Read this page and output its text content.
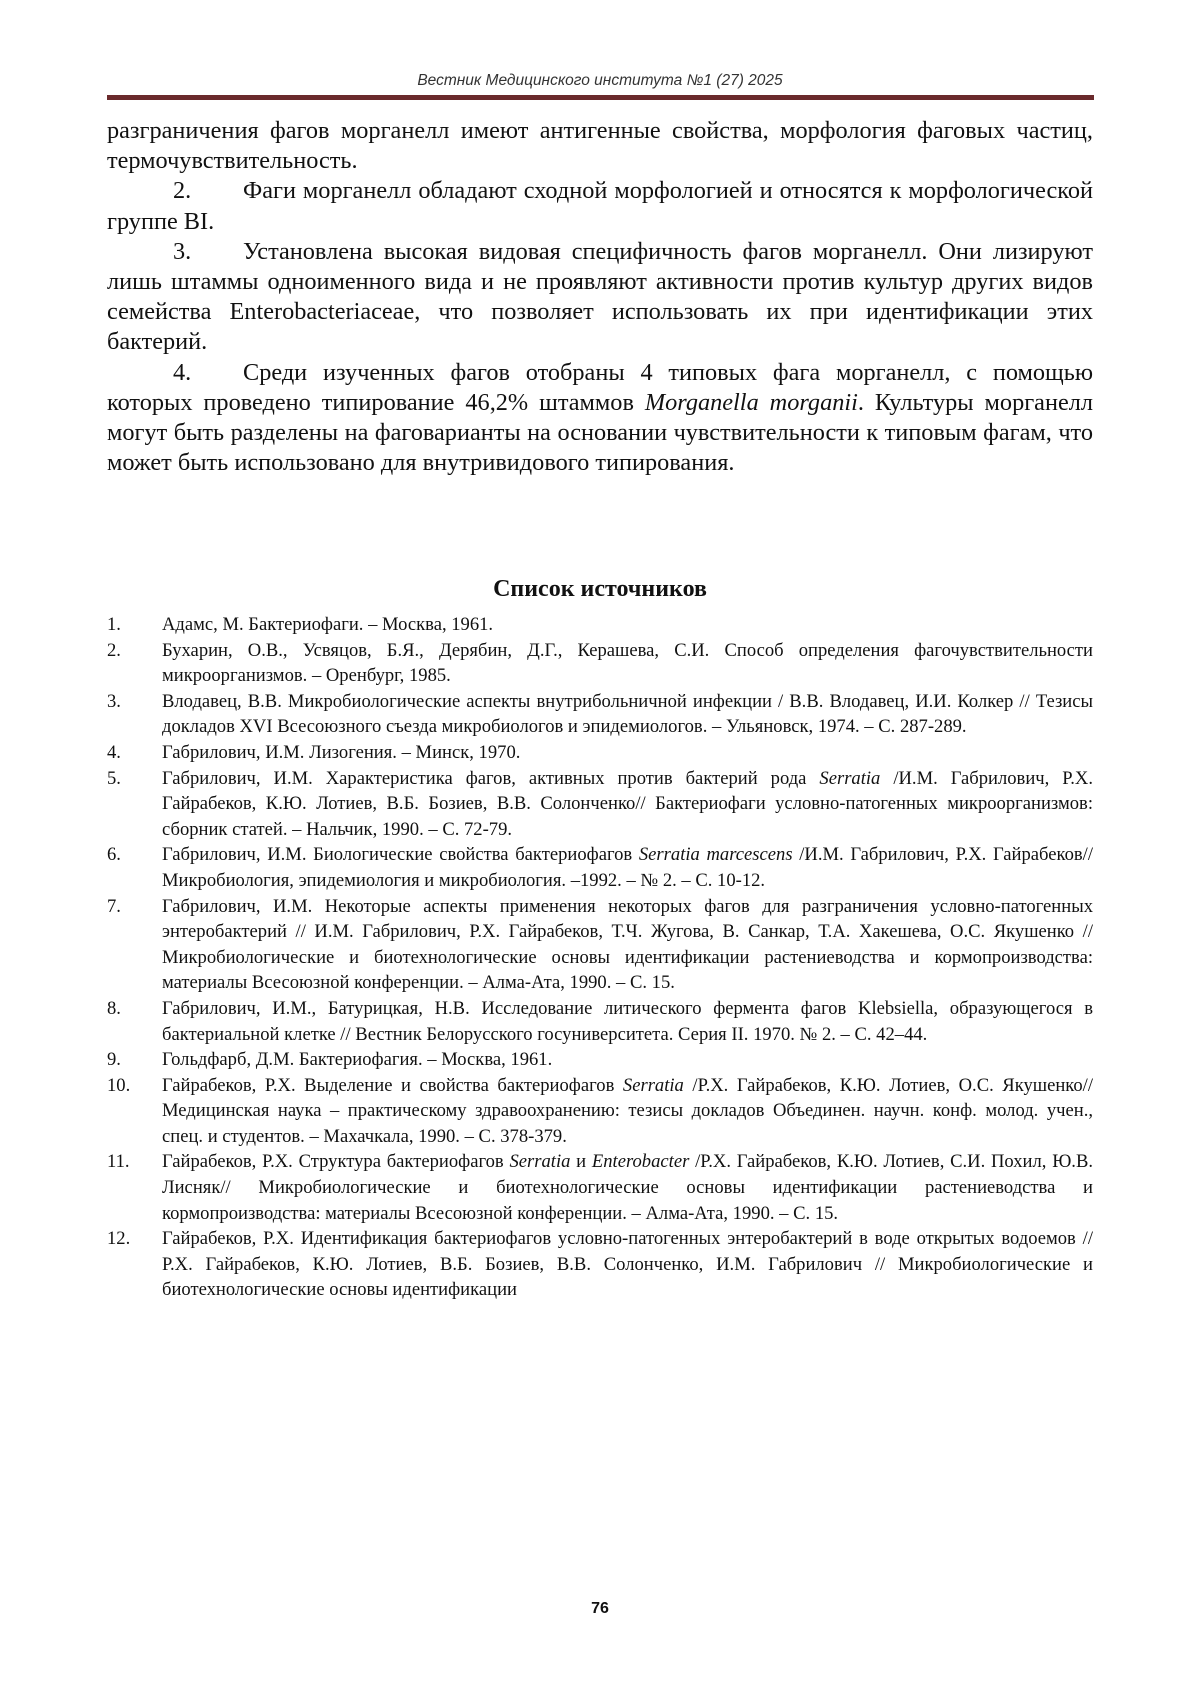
Вестник Медицинского института №1 (27) 2025

разграничения фагов морганелл имеют антигенные свойства, морфология фаговых частиц, термочувствительность.

2. Фаги морганелл обладают сходной морфологией и относятся к морфологической группе BI.

3. Установлена высокая видовая специфичность фагов морганелл. Они лизируют лишь штаммы одноименного вида и не проявляют активности против культур других видов семейства Enterobacteriaceae, что позволяет использовать их при идентификации этих бактерий.

4. Среди изученных фагов отобраны 4 типовых фага морганелл, с помощью которых проведено типирование 46,2% штаммов Morganella morganii. Культуры морганелл могут быть разделены на фаговарианты на основании чувствительности к типовым фагам, что может быть использовано для внутривидового типирования.

Список источников
1.	Адамс, М. Бактериофаги. – Москва, 1961.
2.	Бухарин, О.В., Усвяцов, Б.Я., Дерябин, Д.Г., Керашева, С.И. Способ определения фагочувствительности микроорганизмов. – Оренбург, 1985.
3.	Влодавец, В.В. Микробиологические аспекты внутрибольничной инфекции / В.В. Влодавец, И.И. Колкер // Тезисы докладов XVI Всесоюзного съезда микробиологов и эпидемиологов. – Ульяновск, 1974. – С. 287-289.
4.	Габрилович, И.М. Лизогения. – Минск, 1970.
5.	Габрилович, И.М. Характеристика фагов, активных против бактерий рода Serratia /И.М. Габрилович, Р.Х. Гайрабеков, К.Ю. Лотиев, В.Б. Бозиев, В.В. Солонченко// Бактериофаги условно-патогенных микроорганизмов: сборник статей. – Нальчик, 1990. – С. 72-79.
6.	Габрилович, И.М. Биологические свойства бактериофагов Serratia marcescens /И.М. Габрилович, Р.Х. Гайрабеков// Микробиология, эпидемиология и микробиология. –1992. – № 2. – С. 10-12.
7.	Габрилович, И.М. Некоторые аспекты применения некоторых фагов для разграничения условно-патогенных энтеробактерий // И.М. Габрилович, Р.Х. Гайрабеков, Т.Ч. Жугова, В. Санкар, Т.А. Хакешева, О.С. Якушенко // Микробиологические и биотехнологические основы идентификации растениеводства и кормопроизводства: материалы Всесоюзной конференции. – Алма-Ата, 1990. – С. 15.
8.	Габрилович, И.М., Батурицкая, Н.В. Исследование литического фермента фагов Klebsiella, образующегося в бактериальной клетке // Вестник Белорусского госуниверситета. Серия II. 1970. № 2. – С. 42–44.
9.	Гольдфарб, Д.М. Бактериофагия. – Москва, 1961.
10.	Гайрабеков, Р.Х. Выделение и свойства бактериофагов Serratia /Р.Х. Гайрабеков, К.Ю. Лотиев, О.С. Якушенко// Медицинская наука – практическому здравоохранению: тезисы докладов Объединен. научн. конф. молод. учен., спец. и студентов. – Махачкала, 1990. – С. 378-379.
11.	Гайрабеков, Р.Х. Структура бактериофагов Serratia и Enterobacter /Р.Х. Гайрабеков, К.Ю. Лотиев, С.И. Похил, Ю.В. Лисняк// Микробиологические и биотехнологические основы идентификации растениеводства и кормопроизводства: материалы Всесоюзной конференции. – Алма-Ата, 1990. – С. 15.
12.	Гайрабеков, Р.Х. Идентификация бактериофагов условно-патогенных энтеробактерий в воде открытых водоемов // Р.Х. Гайрабеков, К.Ю. Лотиев, В.Б. Бозиев, В.В. Солонченко, И.М. Габрилович // Микробиологические и биотехнологические основы идентификации
76
